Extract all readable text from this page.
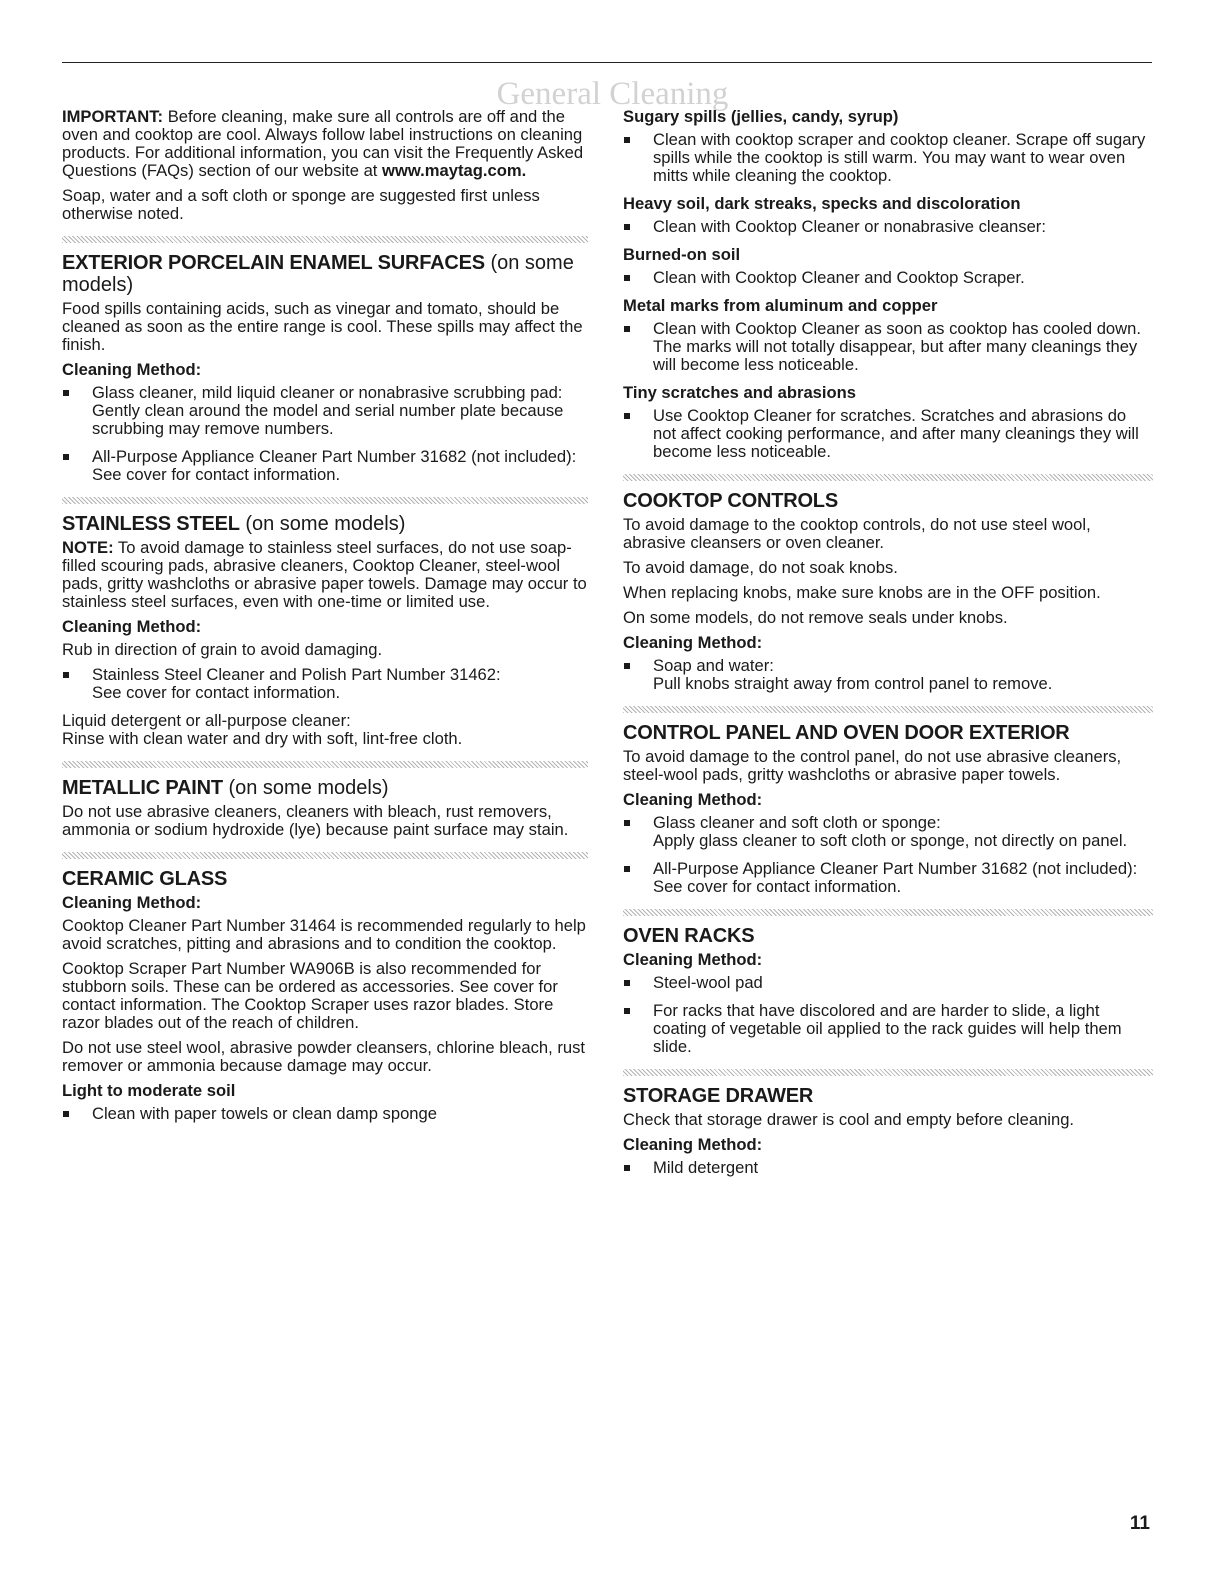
General Cleaning

IMPORTANT: Before cleaning, make sure all controls are off and the oven and cooktop are cool. Always follow label instructions on cleaning products. For additional information, you can visit the Frequently Asked Questions (FAQs) section of our website at www.maytag.com.

Soap, water and a soft cloth or sponge are suggested first unless otherwise noted.

EXTERIOR PORCELAIN ENAMEL SURFACES (on some models)

Food spills containing acids, such as vinegar and tomato, should be cleaned as soon as the entire range is cool. These spills may affect the finish.

Cleaning Method:
Glass cleaner, mild liquid cleaner or nonabrasive scrubbing pad:
Gently clean around the model and serial number plate because scrubbing may remove numbers.
All-Purpose Appliance Cleaner Part Number 31682 (not included):
See cover for contact information.
STAINLESS STEEL (on some models)

NOTE: To avoid damage to stainless steel surfaces, do not use soap-filled scouring pads, abrasive cleaners, Cooktop Cleaner, steel-wool pads, gritty washcloths or abrasive paper towels. Damage may occur to stainless steel surfaces, even with one-time or limited use.

Cleaning Method:

Rub in direction of grain to avoid damaging.

Stainless Steel Cleaner and Polish Part Number 31462:
See cover for contact information.

Liquid detergent or all-purpose cleaner:
Rinse with clean water and dry with soft, lint-free cloth.

METALLIC PAINT (on some models)

Do not use abrasive cleaners, cleaners with bleach, rust removers, ammonia or sodium hydroxide (lye) because paint surface may stain.

CERAMIC GLASS
Cleaning Method:

Cooktop Cleaner Part Number 31464 is recommended regularly to help avoid scratches, pitting and abrasions and to condition the cooktop.

Cooktop Scraper Part Number WA906B is also recommended for stubborn soils. These can be ordered as accessories. See cover for contact information. The Cooktop Scraper uses razor blades. Store razor blades out of the reach of children.

Do not use steel wool, abrasive powder cleansers, chlorine bleach, rust remover or ammonia because damage may occur.

Light to moderate soil
Clean with paper towels or clean damp sponge
Sugary spills (jellies, candy, syrup)
Clean with cooktop scraper and cooktop cleaner. Scrape off sugary spills while the cooktop is still warm. You may want to wear oven mitts while cleaning the cooktop.
Heavy soil, dark streaks, specks and discoloration
Clean with Cooktop Cleaner or nonabrasive cleanser:
Burned-on soil
Clean with Cooktop Cleaner and Cooktop Scraper.
Metal marks from aluminum and copper
Clean with Cooktop Cleaner as soon as cooktop has cooled down. The marks will not totally disappear, but after many cleanings they will become less noticeable.
Tiny scratches and abrasions
Use Cooktop Cleaner for scratches. Scratches and abrasions do not affect cooking performance, and after many cleanings they will become less noticeable.
COOKTOP CONTROLS

To avoid damage to the cooktop controls, do not use steel wool, abrasive cleansers or oven cleaner.

To avoid damage, do not soak knobs.

When replacing knobs, make sure knobs are in the OFF position.

On some models, do not remove seals under knobs.

Cleaning Method:
Soap and water:
Pull knobs straight away from control panel to remove.
CONTROL PANEL AND OVEN DOOR EXTERIOR

To avoid damage to the control panel, do not use abrasive cleaners, steel-wool pads, gritty washcloths or abrasive paper towels.

Cleaning Method:
Glass cleaner and soft cloth or sponge:
Apply glass cleaner to soft cloth or sponge, not directly on panel.
All-Purpose Appliance Cleaner Part Number 31682 (not included):
See cover for contact information.
OVEN RACKS
Cleaning Method:
Steel-wool pad
For racks that have discolored and are harder to slide, a light coating of vegetable oil applied to the rack guides will help them slide.
STORAGE DRAWER

Check that storage drawer is cool and empty before cleaning.

Cleaning Method:
Mild detergent
11
